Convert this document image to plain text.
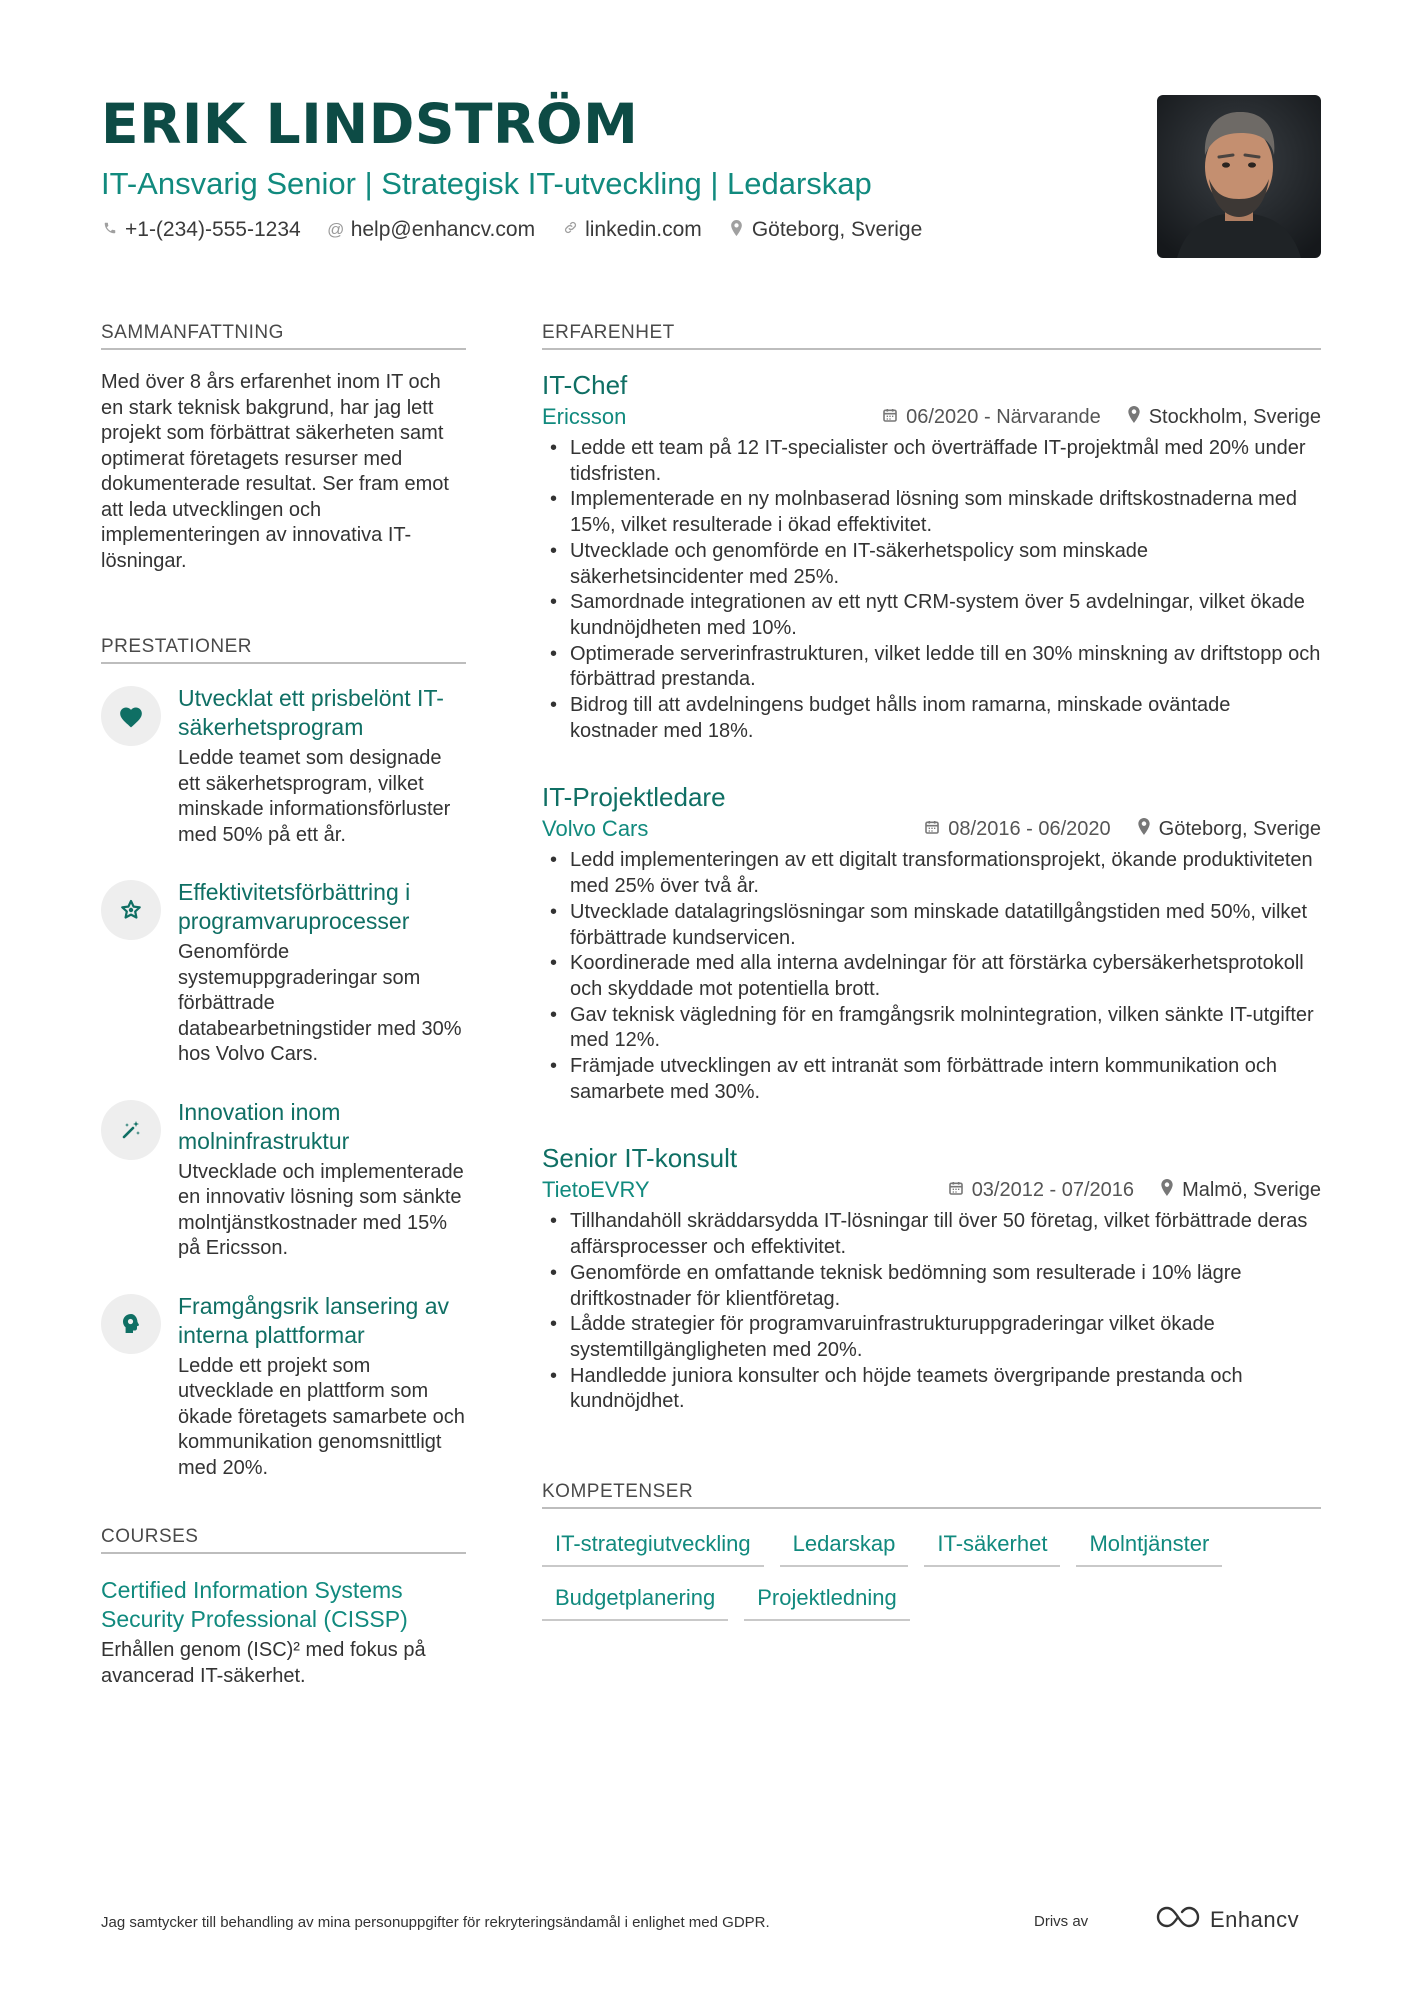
ERIK LINDSTRÖM
IT-Ansvarig Senior | Strategisk IT-utveckling | Ledarskap
+1-(234)-555-1234 @ help@enhancv.com linkedin.com Göteborg, Sverige
SAMMANFATTNING
Med över 8 års erfarenhet inom IT och en stark teknisk bakgrund, har jag lett projekt som förbättrat säkerheten samt optimerat företagets resurser med dokumenterade resultat. Ser fram emot att leda utvecklingen och implementeringen av innovativa IT-lösningar.
PRESTATIONER
Utvecklat ett prisbelönt IT-säkerhetsprogram
Ledde teamet som designade ett säkerhetsprogram, vilket minskade informationsförluster med 50% på ett år.
Effektivitetsförbättring i programvaruprocesser
Genomförde systemuppgraderingar som förbättrade databearbetningstider med 30% hos Volvo Cars.
Innovation inom molninfrastruktur
Utvecklade och implementerade en innovativ lösning som sänkte molntjänstkostnader med 15% på Ericsson.
Framgångsrik lansering av interna plattformar
Ledde ett projekt som utvecklade en plattform som ökade företagets samarbete och kommunikation genomsnittligt med 20%.
COURSES
Certified Information Systems Security Professional (CISSP)
Erhållen genom (ISC)² med fokus på avancerad IT-säkerhet.
ERFARENHET
IT-Chef
Ericsson	06/2020 - Närvarande Stockholm, Sverige
• Ledde ett team på 12 IT-specialister och överträffade IT-projektmål med 20% under tidsfristen.
• Implementerade en ny molnbaserad lösning som minskade driftskostnaderna med 15%, vilket resulterade i ökad effektivitet.
• Utvecklade och genomförde en IT-säkerhetspolicy som minskade säkerhetsincidenter med 25%.
• Samordnade integrationen av ett nytt CRM-system över 5 avdelningar, vilket ökade kundnöjdheten med 10%.
• Optimerade serverinfrastrukturen, vilket ledde till en 30% minskning av driftstopp och förbättrad prestanda.
• Bidrog till att avdelningens budget hålls inom ramarna, minskade oväntade kostnader med 18%.
IT-Projektledare
Volvo Cars	08/2016 - 06/2020 Göteborg, Sverige
• Ledd implementeringen av ett digitalt transformationsprojekt, ökande produktiviteten med 25% över två år.
• Utvecklade datalagringslösningar som minskade datatillgångstiden med 50%, vilket förbättrade kundservicen.
• Koordinerade med alla interna avdelningar för att förstärka cybersäkerhetsprotokoll och skyddade mot potentiella brott.
• Gav teknisk vägledning för en framgångsrik molnintegration, vilken sänkte IT-utgifter med 12%.
• Främjade utvecklingen av ett intranät som förbättrade intern kommunikation och samarbete med 30%.
Senior IT-konsult
TietoEVRY	03/2012 - 07/2016 Malmö, Sverige
• Tillhandahöll skräddarsydda IT-lösningar till över 50 företag, vilket förbättrade deras affärsprocesser och effektivitet.
• Genomförde en omfattande teknisk bedömning som resulterade i 10% lägre driftkostnader för klientföretag.
• Lådde strategier för programvaruinfrastrukturuppgraderingar vilket ökade systemtillgängligheten med 20%.
• Handledde juniora konsulter och höjde teamets övergripande prestanda och kundnöjdhet.
KOMPETENSER
IT-strategiutveckling	Ledarskap	IT-säkerhet	Molntjänster
Budgetplanering	Projektledning
Jag samtycker till behandling av mina personuppgifter för rekryteringsändamål i enlighet med GDPR.	Drivs av	Enhancv
